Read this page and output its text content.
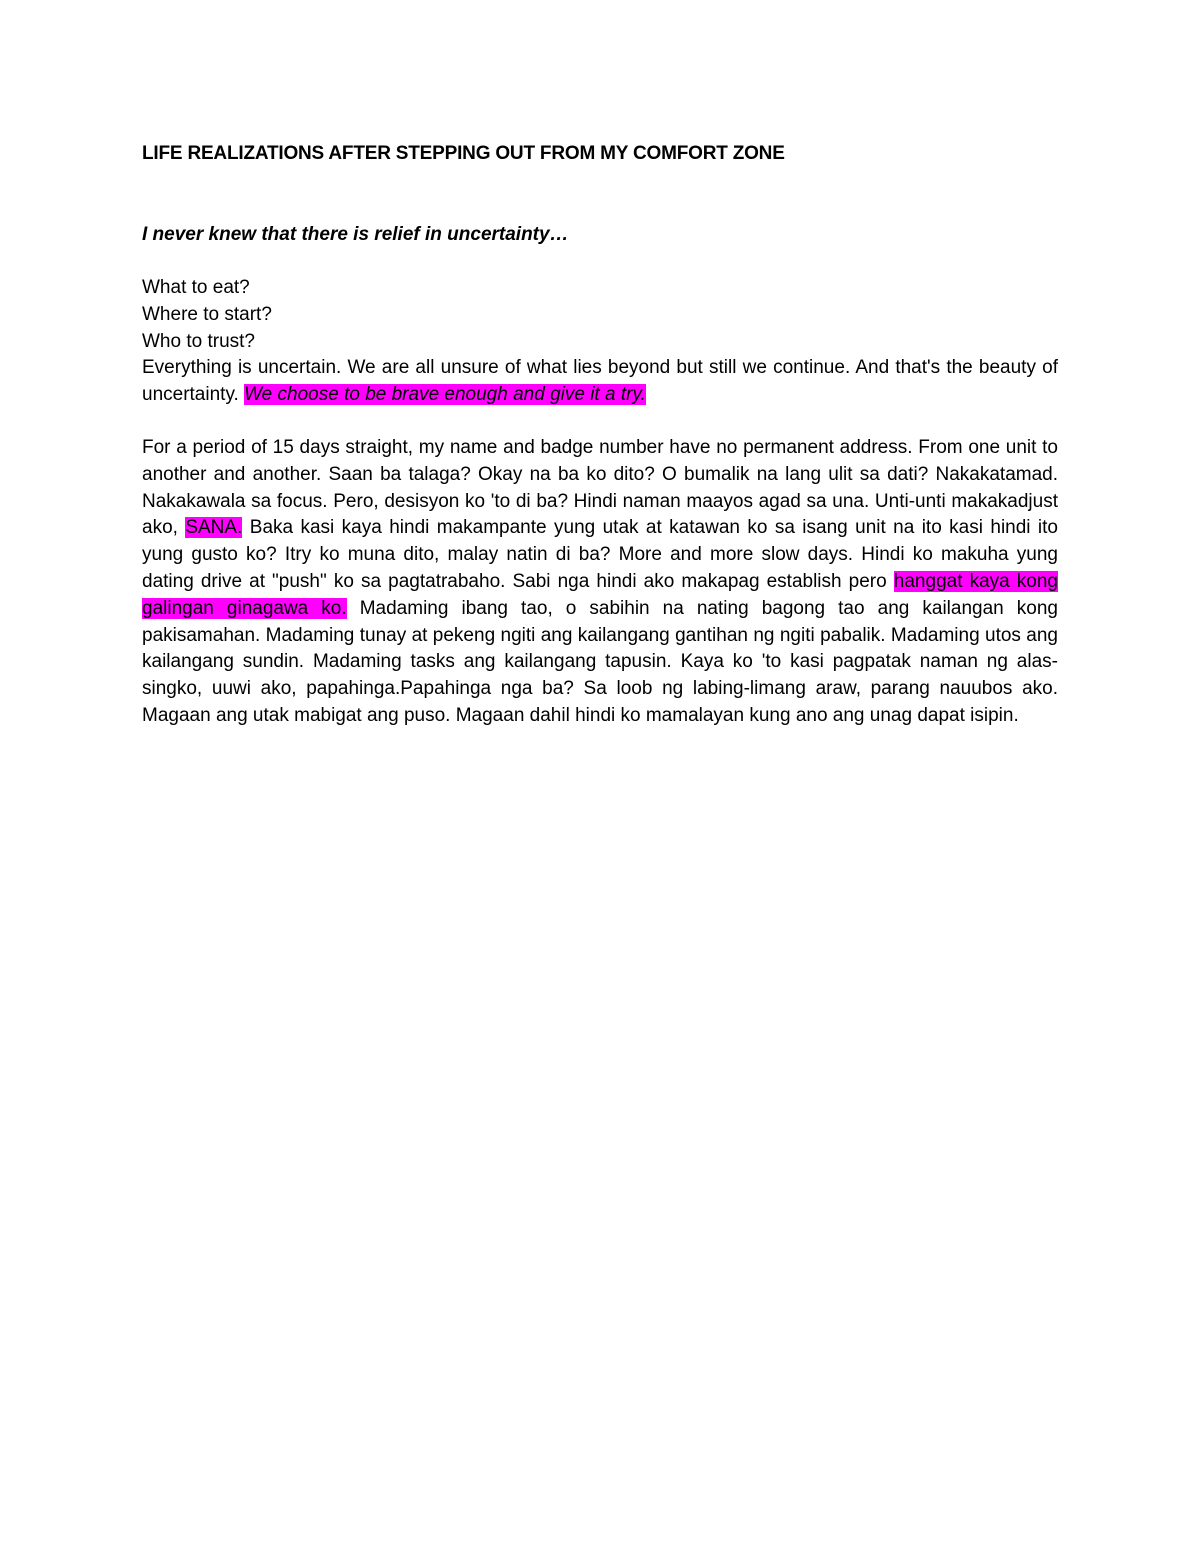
LIFE REALIZATIONS AFTER STEPPING OUT FROM MY COMFORT ZONE

I never knew that there is relief in uncertainty…

What to eat?
Where to start?
Who to trust?
Everything is uncertain. We are all unsure of what lies beyond but still we continue. And that's the beauty of uncertainty. We choose to be brave enough and give it a try.
For a period of 15 days straight, my name and badge number have no permanent address. From one unit to another and another. Saan ba talaga? Okay na ba ko dito? O bumalik na lang ulit sa dati? Nakakatamad. Nakakawala sa focus. Pero, desisyon ko 'to di ba? Hindi naman maayos agad sa una. Unti-unti makakadjust ako, SANA. Baka kasi kaya hindi makampante yung utak at katawan ko sa isang unit na ito kasi hindi ito yung gusto ko? Itry ko muna dito, malay natin di ba? More and more slow days. Hindi ko makuha yung dating drive at "push" ko sa pagtatrabaho. Sabi nga hindi ako makapag establish pero hanggat kaya kong galingan ginagawa ko. Madaming ibang tao, o sabihin na nating bagong tao ang kailangan kong pakisamahan. Madaming tunay at pekeng ngiti ang kailangang gantihan ng ngiti pabalik. Madaming utos ang kailangang sundin. Madaming tasks ang kailangang tapusin. Kaya ko 'to kasi pagpatak naman ng alas-singko, uuwi ako, papahinga.Papahinga nga ba? Sa loob ng labing-limang araw, parang nauubos ako. Magaan ang utak mabigat ang puso. Magaan dahil hindi ko mamalayan kung ano ang unag dapat isipin.
